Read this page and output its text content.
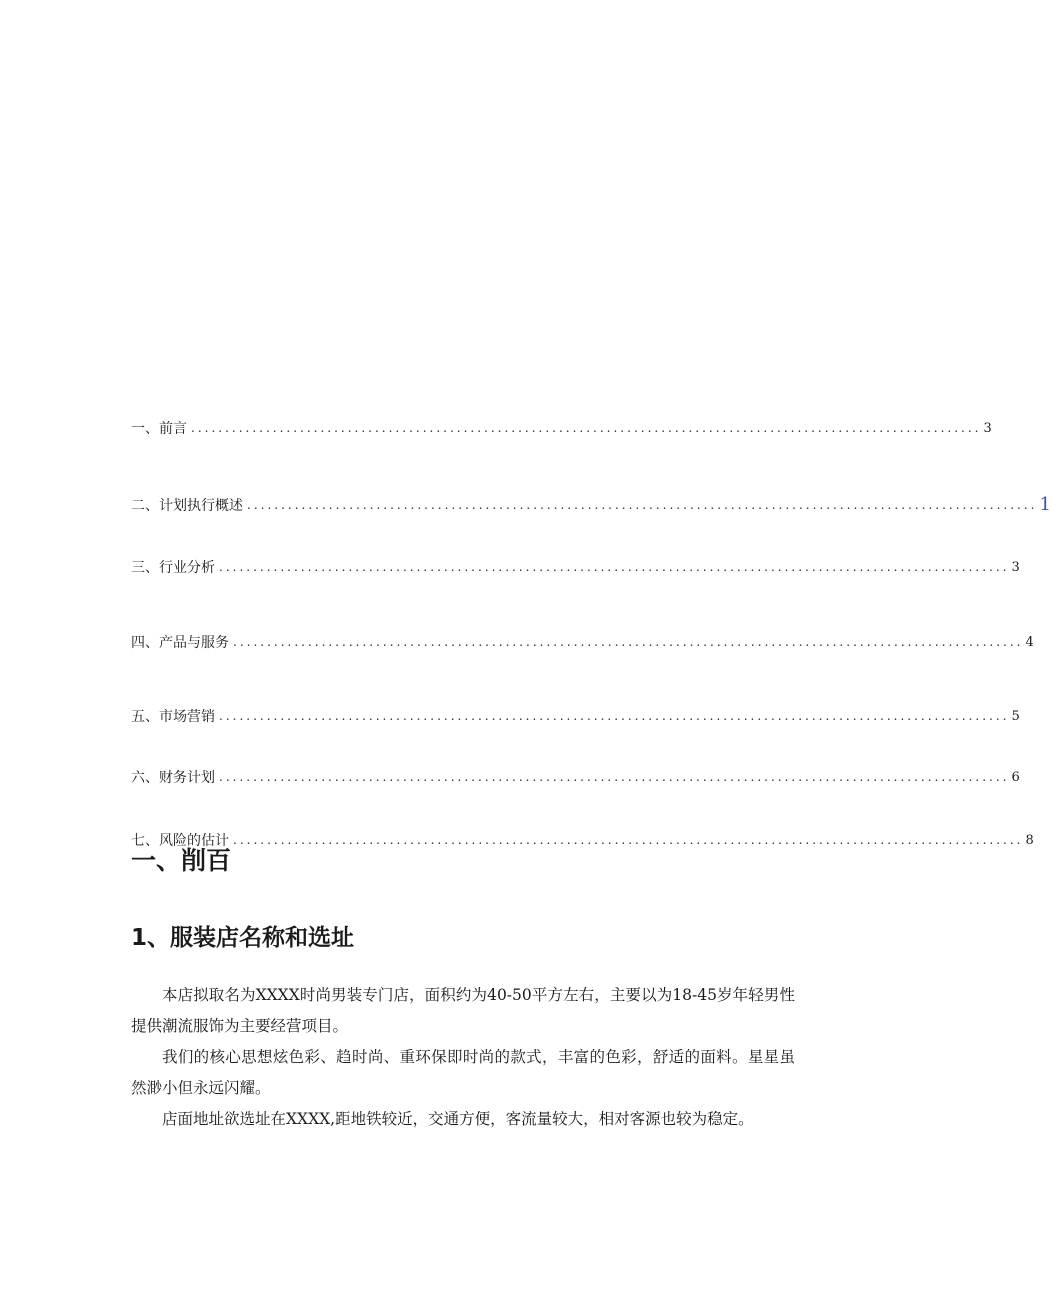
一、前言 .................................................................................................................... 3
二、计划执行概述 .................................................................................................................... 1
三、行业分析 .................................................................................................................... 3
四、产品与服务 .................................................................................................................... 4
五、市场营销 .................................................................................................................... 5
六、财务计划 .................................................................................................................... 6
七、风险的估计 .................................................................................................................... 8
一、削百
1、服装店名称和选址

本店拟取名为XXXX时尚男装专门店，面积约为40-50平方左右，主要以为18-45岁年轻男性提供潮流服饰为主要经营项目。

我们的核心思想炫色彩、趋时尚、重环保即时尚的款式，丰富的色彩，舒适的面料。星星虽然渺小但永远闪耀。

店面地址欲选址在XXXX,距地铁较近，交通方便，客流量较大，相对客源也较为稳定。
